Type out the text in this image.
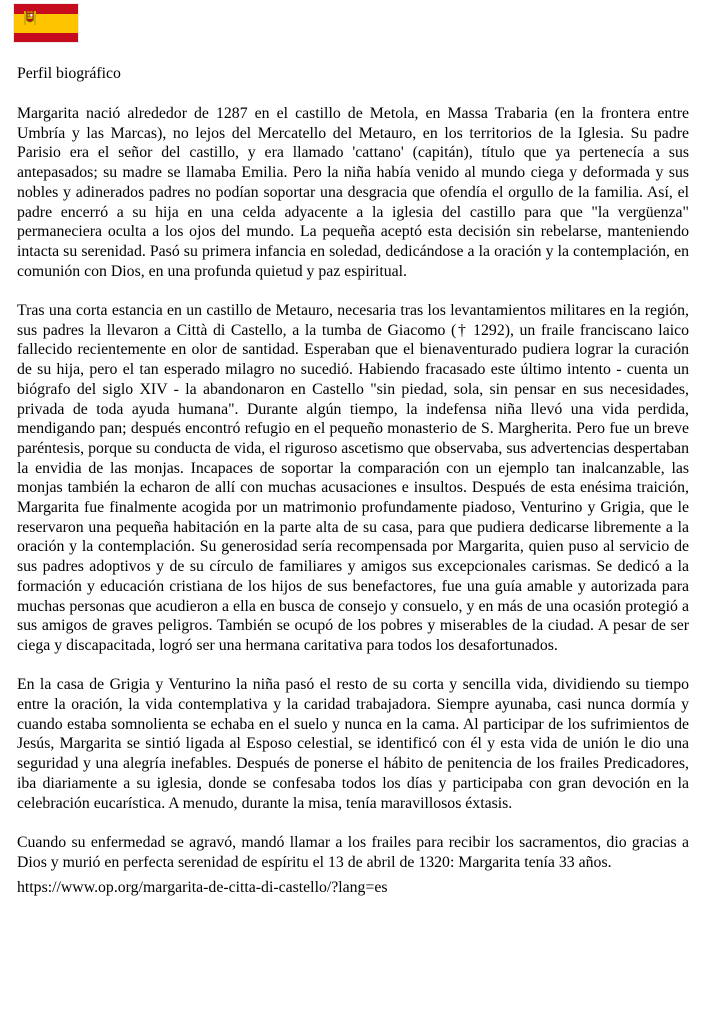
Perfil biográfico

Margarita nació alrededor de 1287 en el castillo de Metola, en Massa Trabaria (en la frontera entre Umbría y las Marcas), no lejos del Mercatello del Metauro, en los territorios de la Iglesia. Su padre Parisio era el señor del castillo, y era llamado 'cattano' (capitán), título que ya pertenecía a sus antepasados; su madre se llamaba Emilia. Pero la niña había venido al mundo ciega y deformada y sus nobles y adinerados padres no podían soportar una desgracia que ofendía el orgullo de la familia. Así, el padre encerró a su hija en una celda adyacente a la iglesia del castillo para que "la vergüenza" permaneciera oculta a los ojos del mundo. La pequeña aceptó esta decisión sin rebelarse, manteniendo intacta su serenidad. Pasó su primera infancia en soledad, dedicándose a la oración y la contemplación, en comunión con Dios, en una profunda quietud y paz espiritual.

Tras una corta estancia en un castillo de Metauro, necesaria tras los levantamientos militares en la región, sus padres la llevaron a Città di Castello, a la tumba de Giacomo († 1292), un fraile franciscano laico fallecido recientemente en olor de santidad. Esperaban que el bienaventurado pudiera lograr la curación de su hija, pero el tan esperado milagro no sucedió. Habiendo fracasado este último intento - cuenta un biógrafo del siglo XIV - la abandonaron en Castello "sin piedad, sola, sin pensar en sus necesidades, privada de toda ayuda humana". Durante algún tiempo, la indefensa niña llevó una vida perdida, mendigando pan; después encontró refugio en el pequeño monasterio de S. Margherita. Pero fue un breve paréntesis, porque su conducta de vida, el riguroso ascetismo que observaba, sus advertencias despertaban la envidia de las monjas. Incapaces de soportar la comparación con un ejemplo tan inalcanzable, las monjas también la echaron de allí con muchas acusaciones e insultos. Después de esta enésima traición, Margarita fue finalmente acogida por un matrimonio profundamente piadoso, Venturino y Grigia, que le reservaron una pequeña habitación en la parte alta de su casa, para que pudiera dedicarse libremente a la oración y la contemplación. Su generosidad sería recompensada por Margarita, quien puso al servicio de sus padres adoptivos y de su círculo de familiares y amigos sus excepcionales carismas. Se dedicó a la formación y educación cristiana de los hijos de sus benefactores, fue una guía amable y autorizada para muchas personas que acudieron a ella en busca de consejo y consuelo, y en más de una ocasión protegió a sus amigos de graves peligros. También se ocupó de los pobres y miserables de la ciudad. A pesar de ser ciega y discapacitada, logró ser una hermana caritativa para todos los desafortunados.

En la casa de Grigia y Venturino la niña pasó el resto de su corta y sencilla vida, dividiendo su tiempo entre la oración, la vida contemplativa y la caridad trabajadora. Siempre ayunaba, casi nunca dormía y cuando estaba somnolienta se echaba en el suelo y nunca en la cama. Al participar de los sufrimientos de Jesús, Margarita se sintió ligada al Esposo celestial, se identificó con él y esta vida de unión le dio una seguridad y una alegría inefables. Después de ponerse el hábito de penitencia de los frailes Predicadores, iba diariamente a su iglesia, donde se confesaba todos los días y participaba con gran devoción en la celebración eucarística. A menudo, durante la misa, tenía maravillosos éxtasis.

Cuando su enfermedad se agravó, mandó llamar a los frailes para recibir los sacramentos, dio gracias a Dios y murió en perfecta serenidad de espíritu el 13 de abril de 1320: Margarita tenía 33 años.

https://www.op.org/margarita-de-citta-di-castello/?lang=es
